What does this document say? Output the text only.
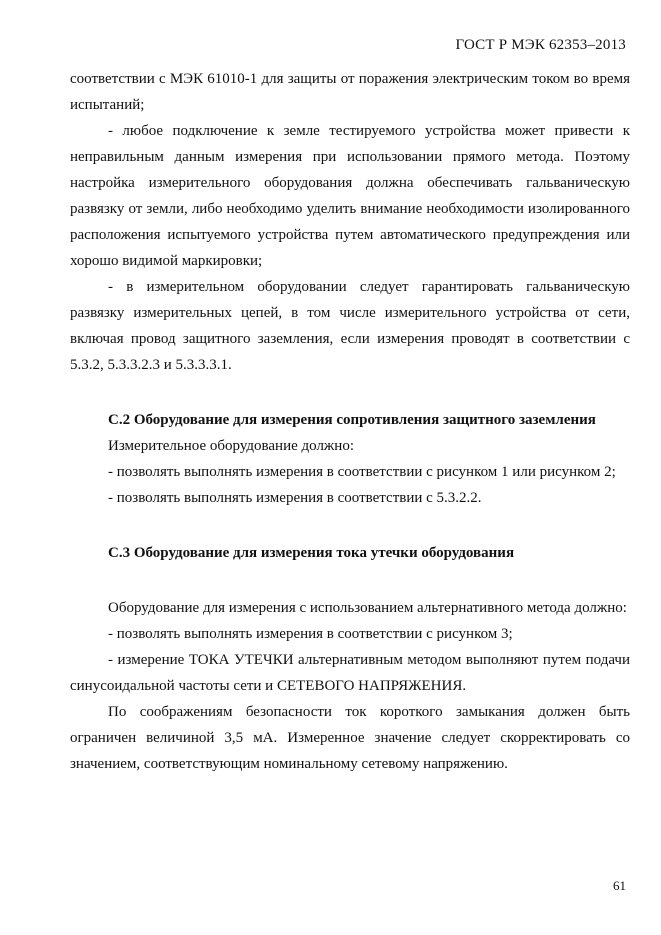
ГОСТ Р МЭК 62353–2013

соответствии с МЭК 61010-1 для защиты от поражения электрическим током во время испытаний;

- любое подключение к земле тестируемого устройства может привести к неправильным данным измерения при использовании прямого метода. Поэтому настройка измерительного оборудования должна обеспечивать гальваническую развязку от земли, либо необходимо уделить внимание необходимости изолированного расположения испытуемого устройства путем автоматического предупреждения или хорошо видимой маркировки;

- в измерительном оборудовании следует гарантировать гальваническую развязку измерительных цепей, в том числе измерительного устройства от сети, включая провод защитного заземления, если измерения проводят в соответствии с 5.3.2, 5.3.3.2.3 и 5.3.3.3.1.

С.2 Оборудование для измерения сопротивления защитного заземления

Измерительное оборудование должно:

- позволять выполнять измерения в соответствии с рисунком 1 или рисунком 2;

- позволять выполнять измерения в соответствии с 5.3.2.2.

С.3 Оборудование для измерения тока утечки оборудования

Оборудование для измерения с использованием альтернативного метода должно:

- позволять выполнять измерения в соответствии с рисунком 3;

- измерение ТОКА УТЕЧКИ альтернативным методом выполняют путем подачи синусоидальной частоты сети и СЕТЕВОГО НАПРЯЖЕНИЯ.

По соображениям безопасности ток короткого замыкания должен быть ограничен величиной 3,5 мА. Измеренное значение следует скорректировать со значением, соответствующим номинальному сетевому напряжению.

61
